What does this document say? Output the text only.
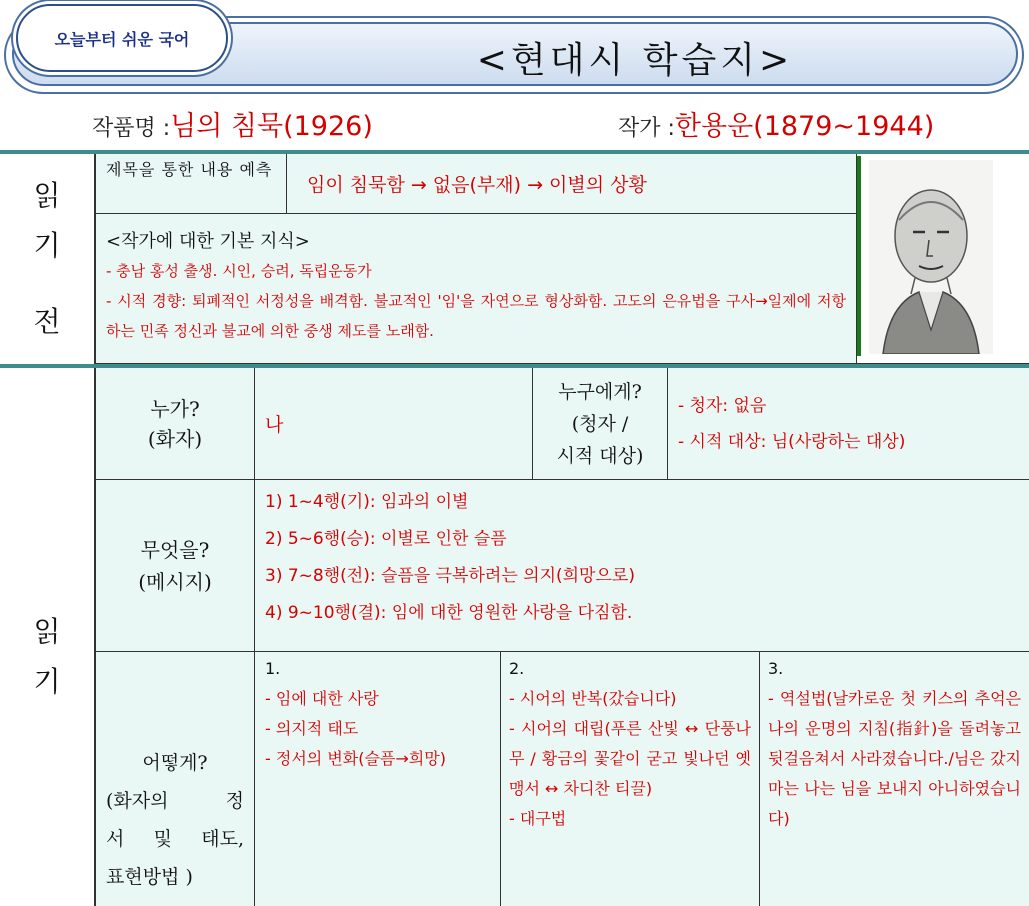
오늘부터 쉬운 국어
<현대시 학습지>
작품명 : 님의 침묵(1926)	작가 : 한용운(1879~1944)
읽
기
전
제목을 통한 내용 예측
임이 침묵함 → 없음(부재) → 이별의 상황
<작가에 대한 기본 지식>
- 충남 홍성 출생. 시인, 승려, 독립운동가
- 시적 경향: 퇴폐적인 서정성을 배격함. 불교적인 '임'을 자연으로 형상화함. 고도의 은유법을 구사→일제에 저항하는 민족 정신과 불교에 의한 중생 제도를 노래함.
읽
기
누가?
(화자)
나
누구에게?
(청자 /
시적 대상)
- 청자: 없음
- 시적 대상: 님(사랑하는 대상)
무엇을?
(메시지)
1) 1~4행(기): 임과의 이별
2) 5~6행(승): 이별로 인한 슬픔
3) 7~8행(전): 슬픔을 극복하려는 의지(희망으로)
4) 9~10행(결): 임에 대한 영원한 사랑을 다짐함.
어떻게?
(화자의 정
서 및 태도,
표현방법 )
1.
- 임에 대한 사랑
- 의지적 태도
- 정서의 변화(슬픔→희망)
2.
- 시어의 반복(갔습니다)
- 시어의 대립(푸른 산빛 ↔ 단풍나무 / 황금의 꽃같이 굳고 빛나던 옛 맹서 ↔ 차디찬 티끌)
- 대구법
3.
- 역설법(날카로운 첫 키스의 추억은 나의 운명의 지침(指針)을 돌려놓고 뒷걸음쳐서 사라졌습니다./님은 갔지마는 나는 님을 보내지 아니하였습니다)
